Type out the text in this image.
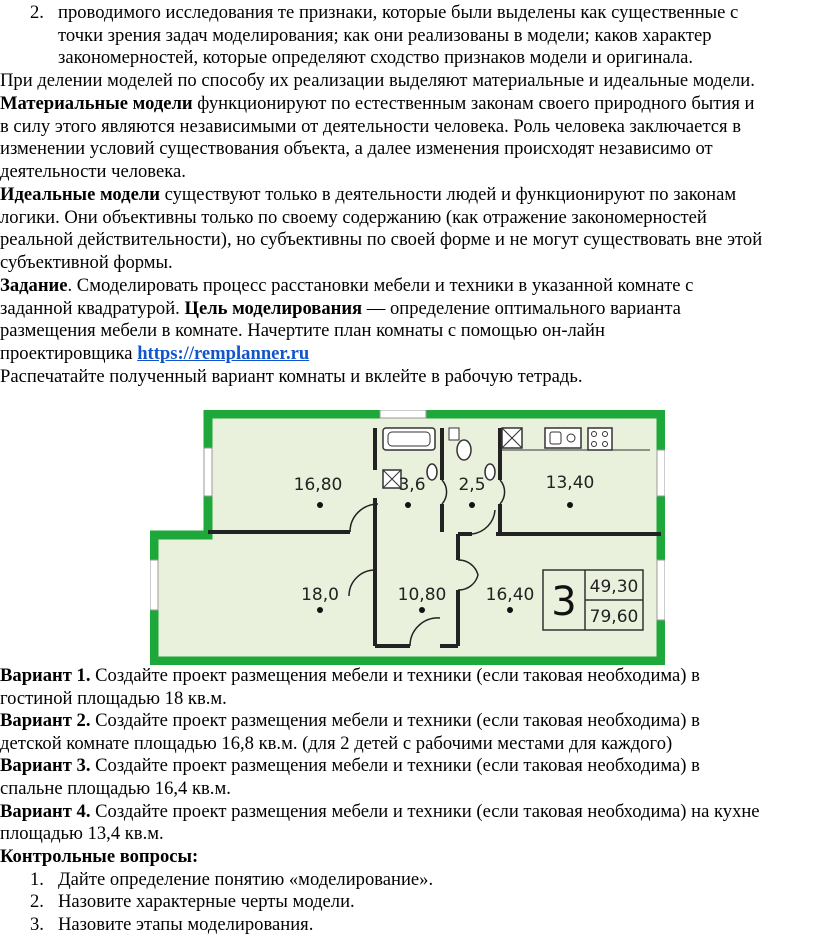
2. проводимого исследования те признаки, которые были выделены как существенные с
точки зрения задач моделирования; как они реализованы в модели; каков характер
закономерностей, которые определяют сходство признаков модели и оригинала.
При делении моделей по способу их реализации выделяют материальные и идеальные модели.
Материальные модели функционируют по естественным законам своего природного бытия и
в силу этого являются независимыми от деятельности человека. Роль человека заключается в
изменении условий существования объекта, а далее изменения происходят независимо от
деятельности человека.
Идеальные модели существуют только в деятельности людей и функционируют по законам
логики. Они объективны только по своему содержанию (как отражение закономерностей
реальной действительности), но субъективны по своей форме и не могут существовать вне этой
субъективной формы.
Задание. Смоделировать процесс расстановки мебели и техники в указанной комнате с
заданной квадратурой. Цель моделирования — определение оптимального варианта
размещения мебели в комнате. Начертите план комнаты с помощью он-лайн
проектировщика https://remplanner.ru
Распечатайте полученный вариант комнаты и вклейте в рабочую тетрадь.
16,80	3,6 2,5	13,40
18,0	10,80 16,40 3 49,30
79,60
Вариант 1. Создайте проект размещения мебели и техники (если таковая необходима) в
гостиной площадью 18 кв.м.
Вариант 2. Создайте проект размещения мебели и техники (если таковая необходима) в
детской комнате площадью 16,8 кв.м. (для 2 детей с рабочими местами для каждого)
Вариант 3. Создайте проект размещения мебели и техники (если таковая необходима) в
спальне площадью 16,4 кв.м.
Вариант 4. Создайте проект размещения мебели и техники (если таковая необходима) на кухне
площадью 13,4 кв.м.
Контрольные вопросы:
1. Дайте определение понятию «моделирование».
2. Назовите характерные черты модели.
3. Назовите этапы моделирования.
